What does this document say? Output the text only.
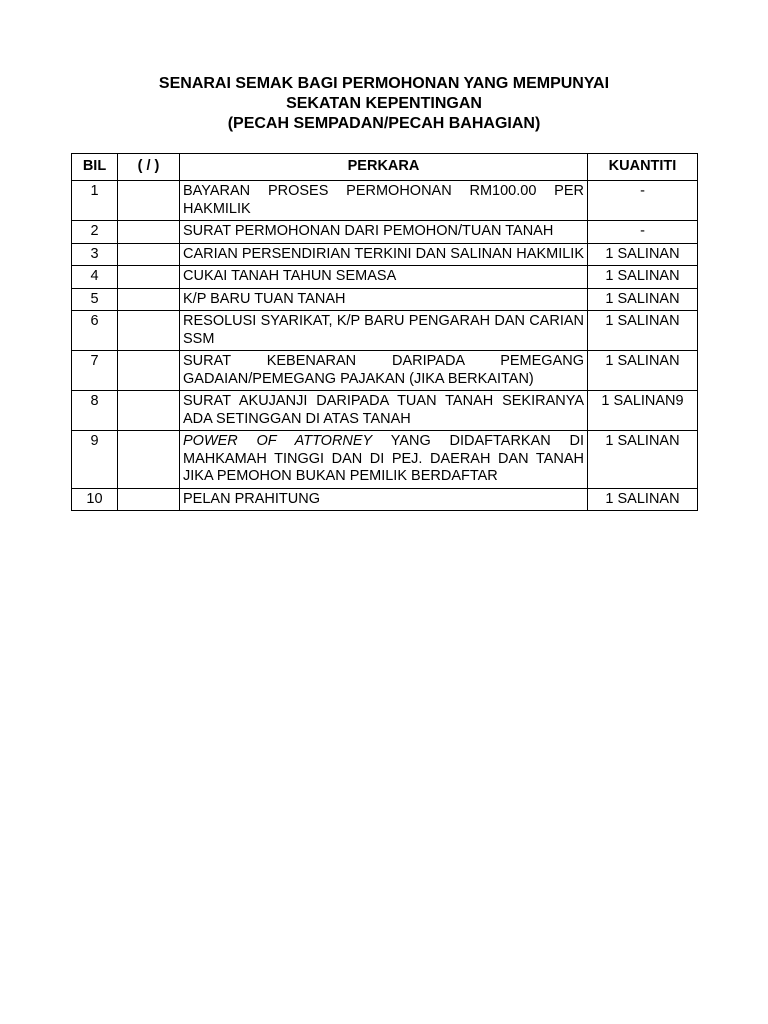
SENARAI SEMAK BAGI PERMOHONAN YANG MEMPUNYAI
SEKATAN KEPENTINGAN
(PECAH SEMPADAN/PECAH BAHAGIAN)
BIL	( / )	PERKARA	KUANTITI
1		BAYARAN PROSES PERMOHONAN RM100.00 PER HAKMILIK	-
2		SURAT PERMOHONAN DARI PEMOHON/TUAN TANAH	-
3		CARIAN PERSENDIRIAN TERKINI DAN SALINAN HAKMILIK	1 SALINAN
4		CUKAI TANAH TAHUN SEMASA	1 SALINAN
5		K/P BARU TUAN TANAH	1 SALINAN
6		RESOLUSI SYARIKAT, K/P BARU PENGARAH DAN CARIAN SSM	1 SALINAN
7		SURAT KEBENARAN DARIPADA PEMEGANG GADAIAN/PEMEGANG PAJAKAN (JIKA BERKAITAN)	1 SALINAN
8		SURAT AKUJANJI DARIPADA TUAN TANAH SEKIRANYA ADA SETINGGAN DI ATAS TANAH	1 SALINAN9
9		POWER OF ATTORNEY YANG DIDAFTARKAN DI MAHKAMAH TINGGI DAN DI PEJ. DAERAH DAN TANAH JIKA PEMOHON BUKAN PEMILIK BERDAFTAR	1 SALINAN
10		PELAN PRAHITUNG	1 SALINAN
